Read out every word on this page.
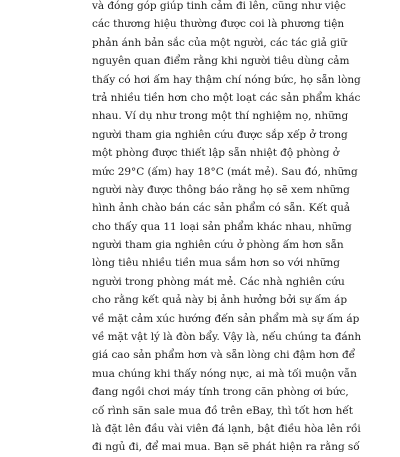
và đóng góp giúp tinh cảm đi lên, cũng như việc
các thương hiệu thường được coi là phương tiện
phản ánh bản sắc của một người, các tác giả giữ
nguyên quan điểm rằng khi người tiêu dùng cảm
thấy có hơi ấm hay thậm chí nóng bức, họ sẵn lòng
trả nhiều tiền hơn cho một loạt các sản phẩm khác
nhau. Ví dụ như trong một thí nghiệm nọ, những
người tham gia nghiên cứu được sắp xếp ở trong
một phòng được thiết lập sẵn nhiệt độ phòng ở
mức 29°C (ấm) hay 18°C (mát mẻ). Sau đó, những
người này được thông báo rằng họ sẽ xem những
hình ảnh chào bán các sản phẩm có sẵn. Kết quả
cho thấy qua 11 loại sản phẩm khác nhau, những
người tham gia nghiên cứu ở phòng ấm hơn sẵn
lòng tiêu nhiều tiền mua sắm hơn so với những
người trong phòng mát mẻ. Các nhà nghiên cứu
cho rằng kết quả này bị ảnh hưởng bởi sự ấm áp
về mặt cảm xúc hướng đến sản phẩm mà sự ấm áp
về mặt vật lý là đòn bẩy. Vậy là, nếu chúng ta đánh
giá cao sản phẩm hơn và sẵn lòng chi đậm hơn để
mua chúng khi thấy nóng nực, ai mà tối muộn vẫn
đang ngồi chơi máy tính trong căn phòng ơi bức,
cố rình săn sale mua đồ trên eBay, thì tốt hơn hết
là đặt lên đầu vài viên đá lạnh, bật điều hòa lên rồi
đi ngủ đi, để mai mua. Bạn sẽ phát hiện ra rằng số
